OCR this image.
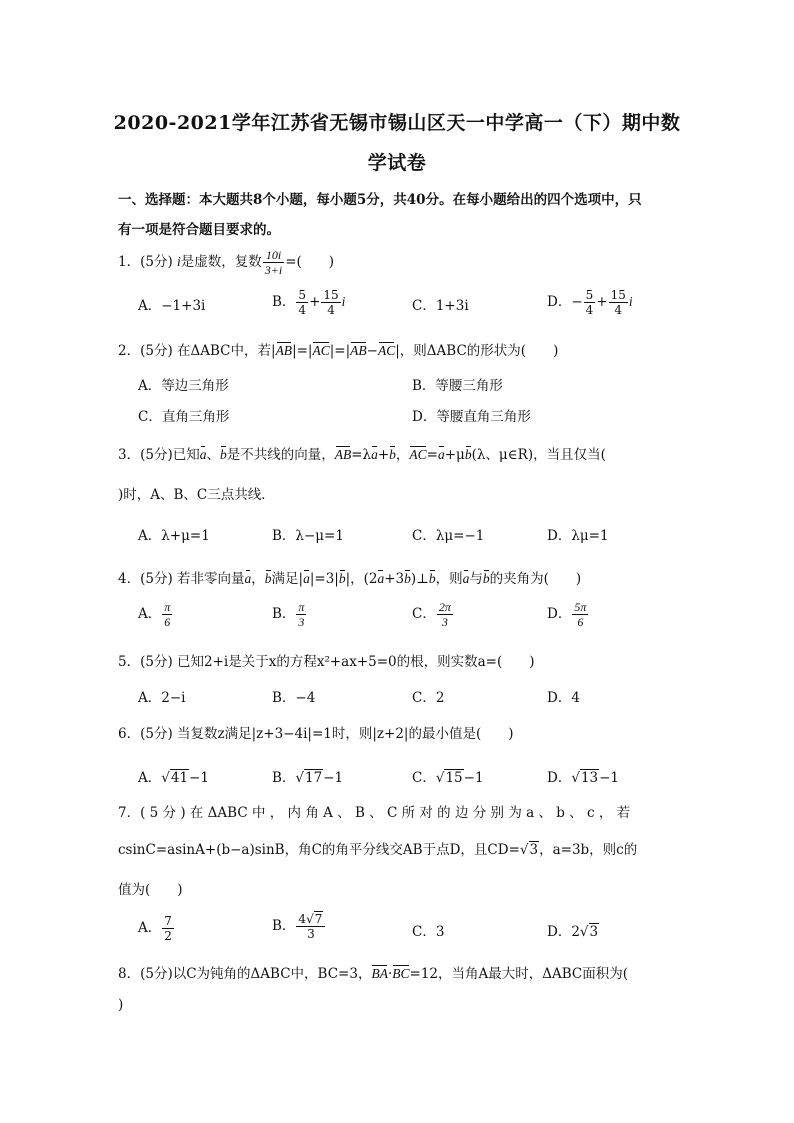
2020-2021学年江苏省无锡市锡山区天一中学高一（下）期中数
学试卷
一、选择题：本大题共8个小题，每小题5分，共40分。在每小题给出的四个选项中，只
有一项是符合题目要求的。
1．(5分) i是虚数，复数 $\frac{10i}{3+i}$ =(　　)
A．−1+3i	B． $\frac{5}{4} + \frac{15}{4}$ i	C．1+3i	D．− $\frac{5}{4} + \frac{15}{4}$ i
2．(5分) 在ΔABC中，若|AB|=|AC|=|AB−AC|，则ΔABC的形状为(　　)
A．等边三角形	B．等腰三角形
C．直角三角形	D．等腰直角三角形
3．(5分)已知a、b是不共线的向量，AB=λa+b，AC=a+μb(λ、μ∈R)，当且仅当(
)时，A、B、C三点共线．
A．λ+μ=1	B．λ−μ=1	C．λμ=−1	D．λμ=1
4．(5分) 若非零向量a，b满足|a|=3|b|，(2a+3b)⊥b，则a与b的夹角为(　　)
A． $\frac{\pi}{6}$	B． $\frac{\pi}{3}$	C． $\frac{2\pi}{3}$	D． $\frac{5\pi}{6}$
5．(5分) 已知2+i是关于x的方程x²+ax+5=0的根，则实数a=(　　)
A．2−i	B．−4	C．2	D．4
6．(5分) 当复数z满足|z+3−4i|=1时，则|z+2|的最小值是(　　)
A．√41−1	B．√17−1	C．√15−1	D．√13−1
7．( 5 分 ) 在 ΔABC 中 ， 内 角 A 、 B 、 C 所 对 的 边 分 别 为 a 、 b 、 c ， 若
csinC=asinA+(b−a)sinB，角C的角平分线交AB于点D，且CD=√3，a=3b，则c的
值为(　　)
A． $\frac{7}{2}$	B． $\frac{4√7}{3}$	C．3	D．2√3
8．(5分)以C为钝角的ΔABC中，BC=3，BA·BC=12，当角A最大时，ΔABC面积为(
)
